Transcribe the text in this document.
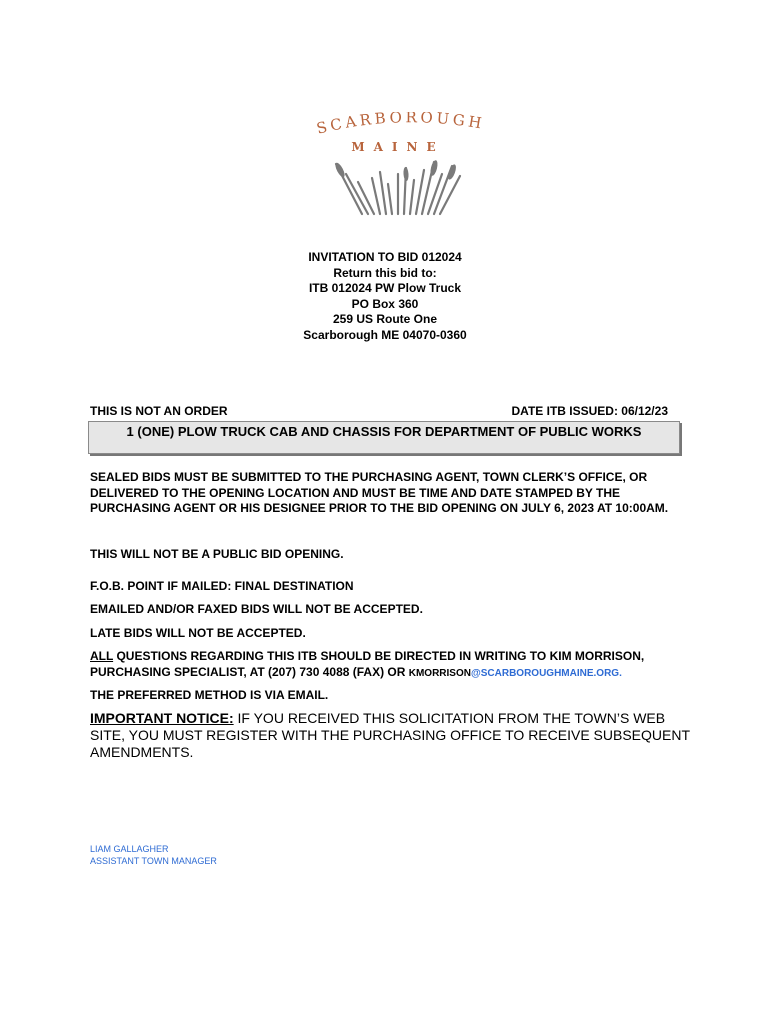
SCARBOROUGH
MAINE
INVITATION TO BID 012024
Return this bid to:
ITB 012024 PW Plow Truck
PO Box 360
259 US Route One
Scarborough ME 04070-0360
THIS IS NOT AN ORDER	DATE ITB ISSUED: 06/12/23
1 (ONE) PLOW TRUCK CAB AND CHASSIS FOR DEPARTMENT OF PUBLIC WORKS
SEALED BIDS MUST BE SUBMITTED TO THE PURCHASING AGENT, TOWN CLERK’S OFFICE, OR DELIVERED TO THE OPENING LOCATION AND MUST BE TIME AND DATE STAMPED BY THE PURCHASING AGENT OR HIS DESIGNEE PRIOR TO THE BID OPENING ON JULY 6, 2023 AT 10:00AM.
THIS WILL NOT BE A PUBLIC BID OPENING.
F.O.B. POINT IF MAILED: FINAL DESTINATION
EMAILED AND/OR FAXED BIDS WILL NOT BE ACCEPTED.
LATE BIDS WILL NOT BE ACCEPTED.
ALL QUESTIONS REGARDING THIS ITB SHOULD BE DIRECTED IN WRITING TO KIM MORRISON, PURCHASING SPECIALIST, AT (207) 730 4088 (FAX) OR KMORRISON@SCARBOROUGHMAINE.ORG.
THE PREFERRED METHOD IS VIA EMAIL.
IMPORTANT NOTICE: IF YOU RECEIVED THIS SOLICITATION FROM THE TOWN’S WEB SITE, YOU MUST REGISTER WITH THE PURCHASING OFFICE TO RECEIVE SUBSEQUENT AMENDMENTS.
LIAM GALLAGHER
ASSISTANT TOWN MANAGER
